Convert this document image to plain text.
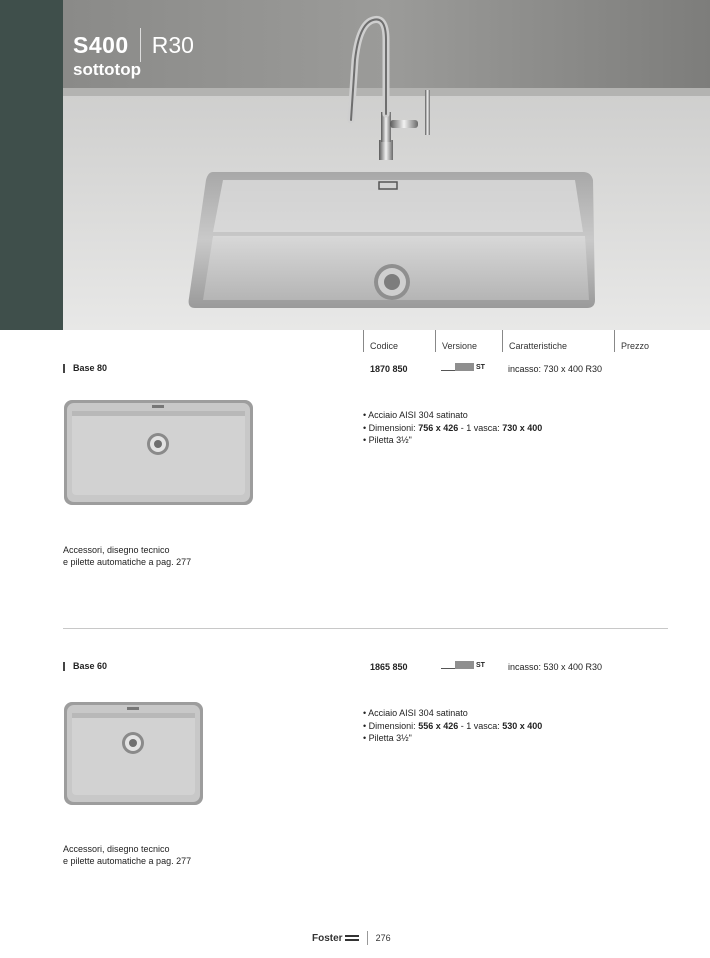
S400 R30
sottotop
Codice	Versione	Caratteristiche	Prezzo
Base 80	1870 850	ST	incasso: 730 x 400 R30
• Acciaio AISI 304 satinato
• Dimensioni: 756 x 426 - 1 vasca: 730 x 400
• Piletta 3½"
Accessori, disegno tecnico
e pilette automatiche a pag. 277
Base 60	1865 850	ST	incasso: 530 x 400 R30
• Acciaio AISI 304 satinato
• Dimensioni: 556 x 426 - 1 vasca: 530 x 400
• Piletta 3½"
Accessori, disegno tecnico
e pilette automatiche a pag. 277
Foster	276
